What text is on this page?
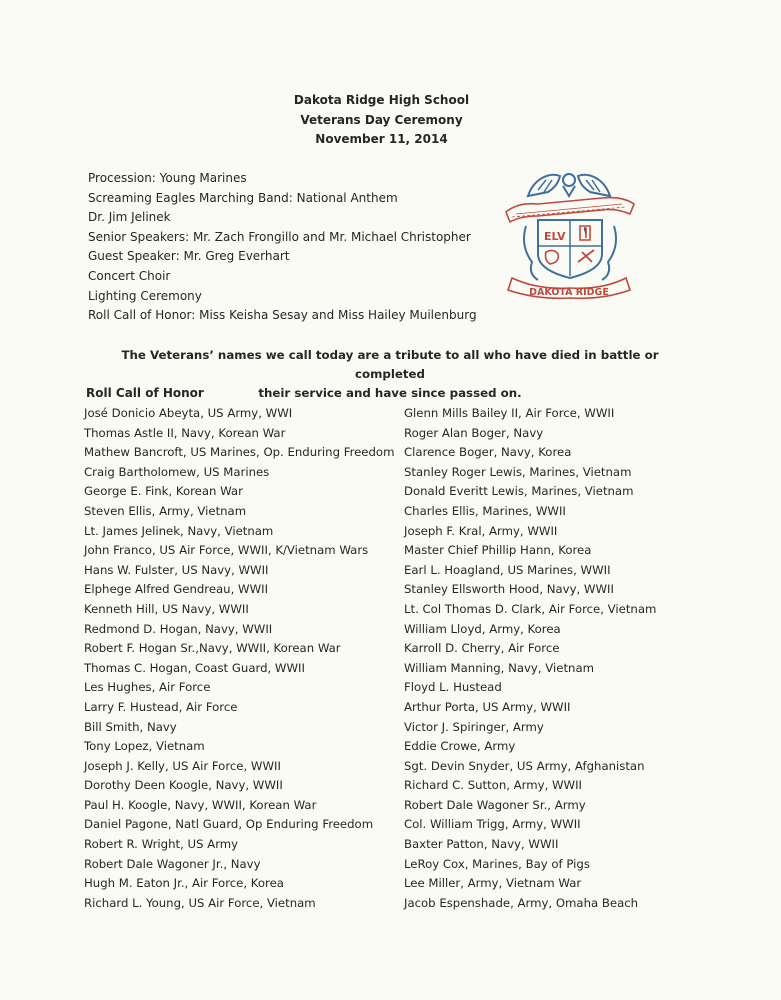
Dakota Ridge High School
Veterans Day Ceremony
November 11, 2014
Procession: Young Marines
Screaming Eagles Marching Band: National Anthem
Dr. Jim Jelinek
Senior Speakers: Mr. Zach Frongillo and Mr. Michael Christopher
Guest Speaker: Mr. Greg Everhart
Concert Choir
Lighting Ceremony
Roll Call of Honor: Miss Keisha Sesay and Miss Hailey Muilenburg
ELV
DAKOTA RIDGE
The Veterans’ names we call today are a tribute to all who have died in battle or completed
their service and have since passed on.
Roll Call of Honor
José Donicio Abeyta, US Army, WWI
Thomas Astle II, Navy, Korean War
Mathew Bancroft, US Marines, Op. Enduring Freedom
Craig Bartholomew, US Marines
George E. Fink, Korean War
Steven Ellis, Army, Vietnam
Lt. James Jelinek, Navy, Vietnam
John Franco, US Air Force, WWII, K/Vietnam Wars
Hans W. Fulster, US Navy, WWII
Elphege Alfred Gendreau, WWII
Kenneth Hill, US Navy, WWII
Redmond D. Hogan, Navy, WWII
Robert F. Hogan Sr.,Navy, WWII, Korean War
Thomas C. Hogan, Coast Guard, WWII
Les Hughes, Air Force
Larry F. Hustead, Air Force
Bill Smith, Navy
Tony Lopez, Vietnam
Joseph J. Kelly, US Air Force, WWII
Dorothy Deen Koogle, Navy, WWII
Paul H. Koogle, Navy, WWII, Korean War
Daniel Pagone, Natl Guard, Op Enduring Freedom
Robert R. Wright, US Army
Robert Dale Wagoner Jr., Navy
Hugh M. Eaton Jr., Air Force, Korea
Richard L. Young, US Air Force, Vietnam
Glenn Mills Bailey II, Air Force, WWII
Roger Alan Boger, Navy
Clarence Boger, Navy, Korea
Stanley Roger Lewis, Marines, Vietnam
Donald Everitt Lewis, Marines, Vietnam
Charles Ellis, Marines, WWII
Joseph F. Kral, Army, WWII
Master Chief Phillip Hann, Korea
Earl L. Hoagland, US Marines, WWII
Stanley Ellsworth Hood, Navy, WWII
Lt. Col Thomas D. Clark, Air Force, Vietnam
William Lloyd, Army, Korea
Karroll D. Cherry, Air Force
William Manning, Navy, Vietnam
Floyd L. Hustead
Arthur Porta, US Army, WWII
Victor J. Spiringer, Army
Eddie Crowe, Army
Sgt. Devin Snyder, US Army, Afghanistan
Richard C. Sutton, Army, WWII
Robert Dale Wagoner Sr., Army
Col. William Trigg, Army, WWII
Baxter Patton, Navy, WWII
LeRoy Cox, Marines, Bay of Pigs
Lee Miller, Army, Vietnam War
Jacob Espenshade, Army, Omaha Beach
